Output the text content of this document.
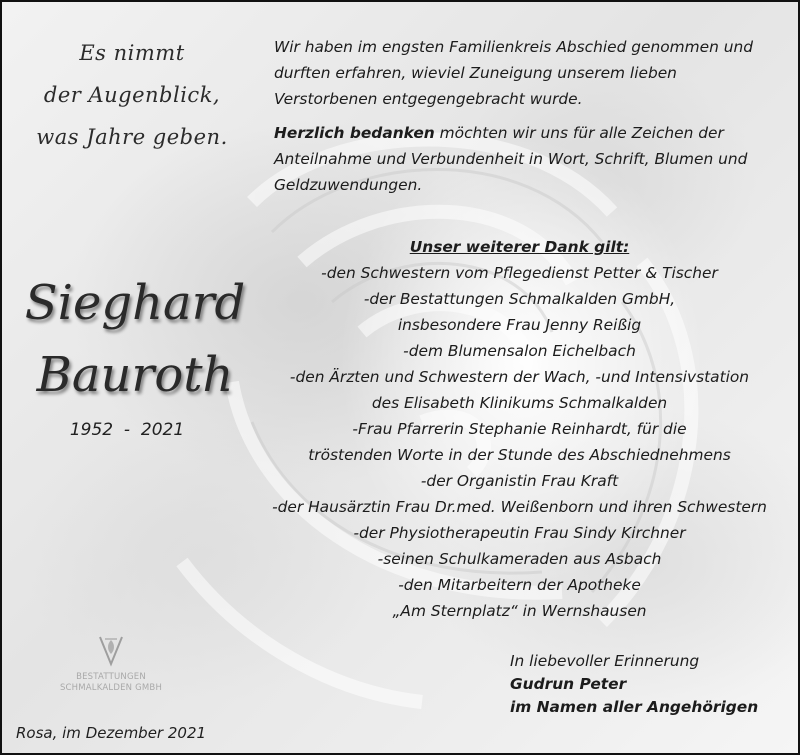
Es nimmt
der Augenblick,
was Jahre geben.
Sieghard
Bauroth
1952  -  2021
BESTATTUNGEN
SCHMALKALDEN GMBH
Rosa, im Dezember 2021

Wir haben im engsten Familienkreis Abschied genommen und durften erfahren, wieviel Zuneigung unserem lieben Verstorbenen entgegengebracht wurde.

Herzlich bedanken möchten wir uns für alle Zeichen der Anteilnahme und Verbundenheit in Wort, Schrift, Blumen und Geldzuwendungen.

Unser weiterer Dank gilt:
-den Schwestern vom Pflegedienst Petter & Tischer
-der Bestattungen Schmalkalden GmbH,
insbesondere Frau Jenny Reißig
-dem Blumensalon Eichelbach
-den Ärzten und Schwestern der Wach, -und Intensivstation
des Elisabeth Klinikums Schmalkalden
-Frau Pfarrerin Stephanie Reinhardt, für die
tröstenden Worte in der Stunde des Abschiednehmens
-der Organistin Frau Kraft
-der Hausärztin Frau Dr.med. Weißenborn und ihren Schwestern
-der Physiotherapeutin Frau Sindy Kirchner
-seinen Schulkameraden aus Asbach
-den Mitarbeitern der Apotheke
„Am Sternplatz“ in Wernshausen
In liebevoller Erinnerung
Gudrun Peter
im Namen aller Angehörigen
